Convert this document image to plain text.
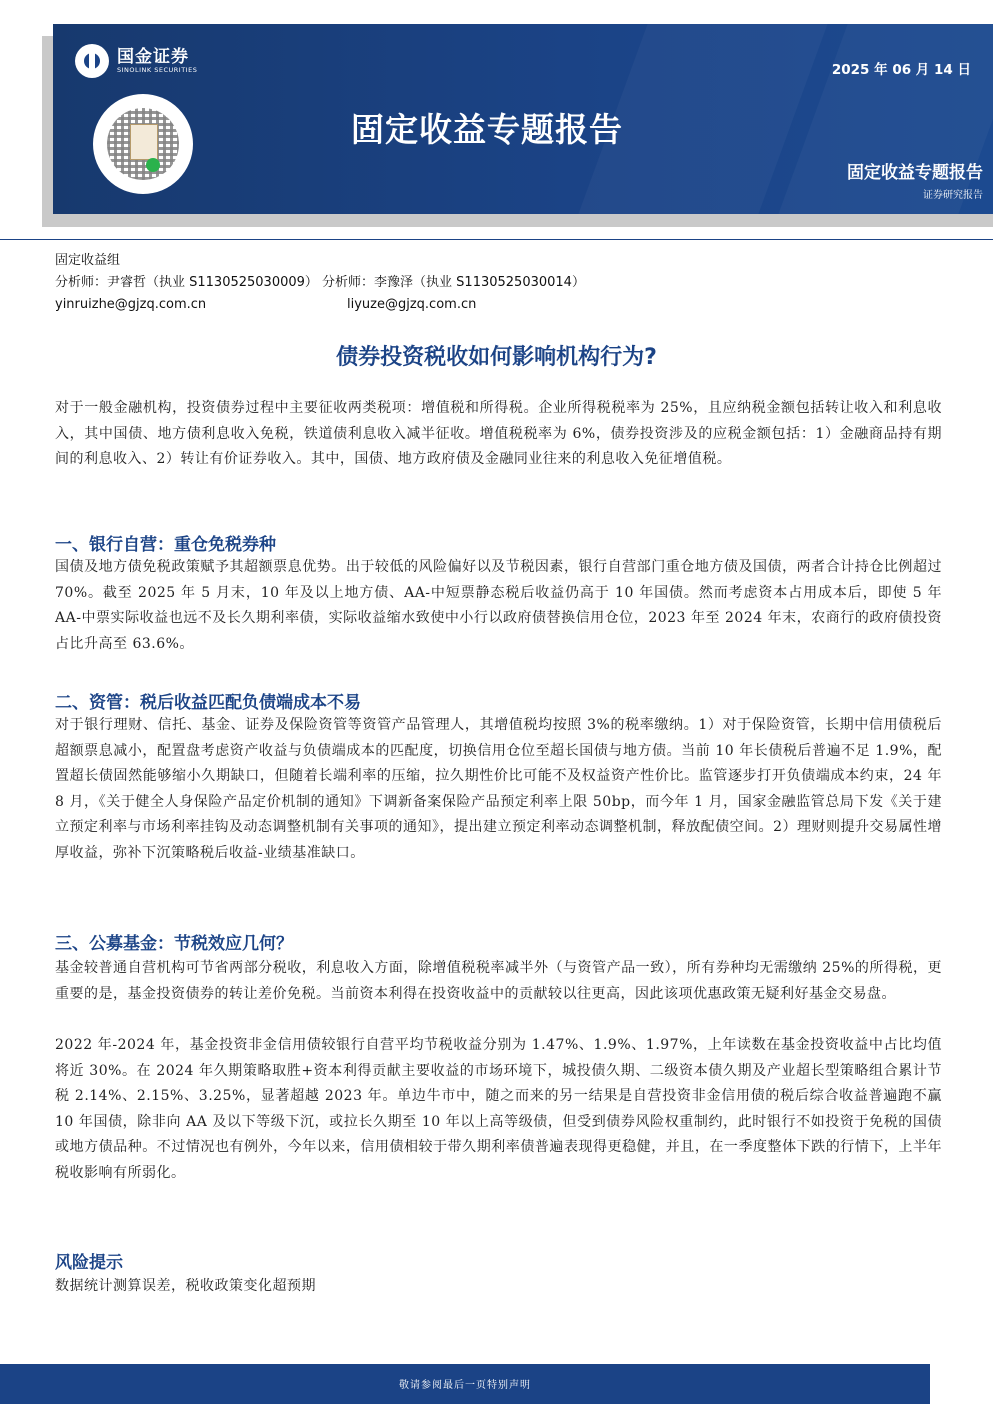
国金证券
SINOLINK SECURITIES	2025 年 06 月 14 日
固定收益专题报告
固定收益专题报告
证券研究报告
固定收益组
分析师：尹睿哲（执业 S1130525030009） 分析师：李豫泽（执业 S1130525030014）
yinruizhe@gjzq.com.cn	liyuze@gjzq.com.cn
债券投资税收如何影响机构行为?
对于一般金融机构，投资债券过程中主要征收两类税项：增值税和所得税。企业所得税税率为 25%，且应纳税金额包括转让收入和利息收入，其中国债、地方债利息收入免税，铁道债利息收入减半征收。增值税税率为 6%，债券投资涉及的应税金额包括：1）金融商品持有期间的利息收入、2）转让有价证券收入。其中，国债、地方政府债及金融同业往来的利息收入免征增值税。
一、银行自营：重仓免税券种
国债及地方债免税政策赋予其超额票息优势。出于较低的风险偏好以及节税因素，银行自营部门重仓地方债及国债，两者合计持仓比例超过 70%。截至 2025 年 5 月末，10 年及以上地方债、AA-中短票静态税后收益仍高于 10 年国债。然而考虑资本占用成本后，即使 5 年 AA-中票实际收益也远不及长久期利率债，实际收益缩水致使中小行以政府债替换信用仓位，2023 年至 2024 年末，农商行的政府债投资占比升高至 63.6%。
二、资管：税后收益匹配负债端成本不易
对于银行理财、信托、基金、证券及保险资管等资管产品管理人，其增值税均按照 3%的税率缴纳。1）对于保险资管，长期中信用债税后超额票息减小，配置盘考虑资产收益与负债端成本的匹配度，切换信用仓位至超长国债与地方债。当前 10 年长债税后普遍不足 1.9%，配置超长债固然能够缩小久期缺口，但随着长端利率的压缩，拉久期性价比可能不及权益资产性价比。监管逐步打开负债端成本约束，24 年 8 月，《关于健全人身保险产品定价机制的通知》下调新备案保险产品预定利率上限 50bp，而今年 1 月，国家金融监管总局下发《关于建立预定利率与市场利率挂钩及动态调整机制有关事项的通知》，提出建立预定利率动态调整机制，释放配债空间。2）理财则提升交易属性增厚收益，弥补下沉策略税后收益-业绩基准缺口。
三、公募基金：节税效应几何？
基金较普通自营机构可节省两部分税收，利息收入方面，除增值税税率减半外（与资管产品一致），所有券种均无需缴纳 25%的所得税，更重要的是，基金投资债券的转让差价免税。当前资本利得在投资收益中的贡献较以往更高，因此该项优惠政策无疑利好基金交易盘。
2022 年-2024 年，基金投资非金信用债较银行自营平均节税收益分别为 1.47%、1.9%、1.97%，上年读数在基金投资收益中占比均值将近 30%。在 2024 年久期策略取胜+资本利得贡献主要收益的市场环境下，城投债久期、二级资本债久期及产业超长型策略组合累计节税 2.14%、2.15%、3.25%，显著超越 2023 年。单边牛市中，随之而来的另一结果是自营投资非金信用债的税后综合收益普遍跑不赢 10 年国债，除非向 AA 及以下等级下沉，或拉长久期至 10 年以上高等级债，但受到债券风险权重制约，此时银行不如投资于免税的国债或地方债品种。不过情况也有例外，今年以来，信用债相较于带久期利率债普遍表现得更稳健，并且，在一季度整体下跌的行情下，上半年税收影响有所弱化。
风险提示
数据统计测算误差，税收政策变化超预期
敬请参阅最后一页特别声明
